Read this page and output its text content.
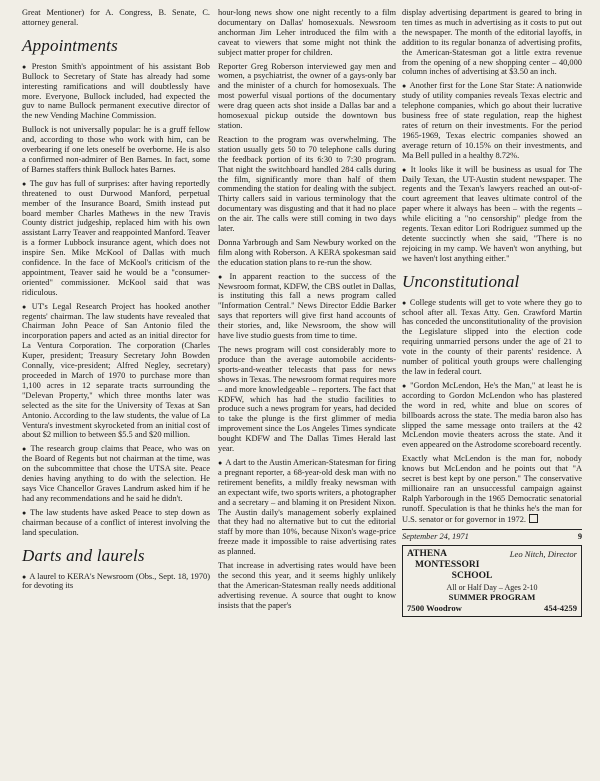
Great Mentioner) for A. Congress, B. Senate, C. attorney general.

Appointments

● Preston Smith's appointment of his assistant Bob Bullock to Secretary of State has already had some interesting ramifications and will doubtlessly have more. Everyone, Bullock included, had expected the guv to name Bullock permanent executive director of the new Vending Machine Commission.

Bullock is not universally popular: he is a gruff fellow and, according to those who work with him, can be overbearing if one lets oneself be overborne. He is also a confirmed non-admirer of Ben Barnes. In fact, some of Barnes staffers think Bullock hates Barnes.

● The guv has full of surprises: after having reportedly threatened to oust Durwood Manford, perpetual member of the Insurance Board, Smith instead put board member Charles Mathews in the new Travis County district judgeship, replaced him with his own assistant Larry Teaver and reappointed Manford. Teaver is a former Lubbock insurance agent, which does not inspire Sen. Mike McKool of Dallas with much confidence. In the face of McKool's criticism of the appointment, Teaver said he would be a "consumer-oriented" commissioner. McKool said that was ridiculous.

● UT's Legal Research Project has hooked another regents' chairman. The law students have revealed that Chairman John Peace of San Antonio filed the incorporation papers and acted as an initial director for La Ventura Corporation. The corporation (Charles Kuper, president; Treasury Secretary John Bowden Connally, vice-president; Alfred Negley, secretary) proceeded in March of 1970 to purchase more than 1,100 acres in 12 separate tracts surrounding the "Delevan Property," which three months later was selected as the site for the University of Texas at San Antonio. According to the law students, the value of La Ventura's investment skyrocketed from an initial cost of about $2 million to between $5.5 and $20 million.

● The research group claims that Peace, who was on the Board of Regents but not chairman at the time, was on the subcommittee that chose the UTSA site. Peace denies having anything to do with the selection. He says Vice Chancellor Graves Landrum asked him if he had any recommendations and he said he didn't.

● The law students have asked Peace to step down as chairman because of a conflict of interest involving the land speculation.

Darts and laurels

● A laurel to KERA's Newsroom (Obs., Sept. 18, 1970) for devoting its

hour-long news show one night recently to a film documentary on Dallas' homosexuals. Newsroom anchorman Jim Leher introduced the film with a caveat to viewers that some might not think the subject matter proper for children.

Reporter Greg Roberson interviewed gay men and women, a psychiatrist, the owner of a gays-only bar and the minister of a church for homosexuals. The most powerful visual portions of the documentary were drag queen acts shot inside a Dallas bar and a homosexual pickup outside the downtown bus station.

Reaction to the program was overwhelming. The station usually gets 50 to 70 telephone calls during the feedback portion of its 6:30 to 7:30 program. That night the switchboard handled 284 calls during the film, significantly more than half of them commending the station for dealing with the subject. Thirty callers said in various terminology that the documentary was disgusting and that it had no place on the air. The calls were still coming in two days later.

Donna Yarbrough and Sam Newbury worked on the film along with Roberson. A KERA spokesman said the education station plans to re-run the show.

● In apparent reaction to the success of the Newsroom format, KDFW, the CBS outlet in Dallas, is instituting this fall a news program called "Information Central." News Director Eddie Barker says that reporters will give first hand accounts of their stories, and, like Newsroom, the show will have live studio guests from time to time.

The news program will cost considerably more to produce than the average automobile accidents-sports-and-weather telecasts that pass for news shows in Texas. The newsroom format requires more – and more knowledgeable – reporters. The fact that KDFW, which has had the studio facilities to produce such a news program for years, had decided to take the plunge is the first glimmer of media improvement since the Los Angeles Times syndicate bought KDFW and The Dallas Times Herald last year.

● A dart to the Austin American-Statesman for firing a pregnant reporter, a 68-year-old desk man with no retirement benefits, a mildly freaky newsman with an expectant wife, two sports writers, a photographer and a secretary – and blaming it on President Nixon. The Austin daily's management soberly explained that they had no alternative but to cut the editorial staff by more than 10%, because Nixon's wage-price freeze made it impossible to raise advertising rates as planned.

That increase in advertising rates would have been the second this year, and it seems highly unlikely that the American-Statesman really needs additional advertising revenue. A source that ought to know insists that the paper's

display advertising department is geared to bring in ten times as much in advertising as it costs to put out the newspaper. The month of the editorial layoffs, in addition to its regular bonanza of advertising profits, the American-Statesman got a little extra revenue from the opening of a new shopping center – 40,000 column inches of advertising at $3.50 an inch.

● Another first for the Lone Star State: A nationwide study of utility companies reveals Texas electric and telephone companies, which go about their lucrative business free of state regulation, reap the highest rates of return on their investments. For the period 1965-1969, Texas electric companies showed an average return of 10.15% on their investments, and Ma Bell pulled in a healthy 8.72%.

● It looks like it will be business as usual for The Daily Texan, the UT-Austin student newspaper. The regents and the Texan's lawyers reached an out-of-court agreement that leaves ultimate control of the paper where it always has been – with the regents – while eliciting a "no censorship" pledge from the regents. Texan editor Lori Rodriguez summed up the detente succinctly when she said, "There is no rejoicing in my camp. We haven't won anything, but we haven't lost anything either."

Unconstitutional

● College students will get to vote where they go to school after all. Texas Atty. Gen. Crawford Martin has conceded the unconstitutionality of the provision the Legislature slipped into the election code requiring unmarried persons under the age of 21 to vote in the county of their parents' residence. A number of political youth groups were challenging the law in federal court.

● "Gordon McLendon, He's the Man," at least he is according to Gordon McLendon who has plastered the word in red, white and blue on scores of billboards across the state. The media baron also has slipped the same message onto trailers at the 42 McLendon movie theaters across the state. And it even appeared on the Astrodome scoreboard recently.

Exactly what McLendon is the man for, nobody knows but McLendon and he points out that "A secret is best kept by one person." The conservative millionaire ran an unsuccessful campaign against Ralph Yarborough in the 1965 Democratic senatorial runoff. Speculation is that he thinks he's the man for U.S. senator or for governor in 1972.

September 24, 1971	9
ATHENA	Leo Nitch, Director
MONTESSORI
SCHOOL
All or Half Day – Ages 2-10
SUMMER PROGRAM
7500 Woodrow	454-4259
